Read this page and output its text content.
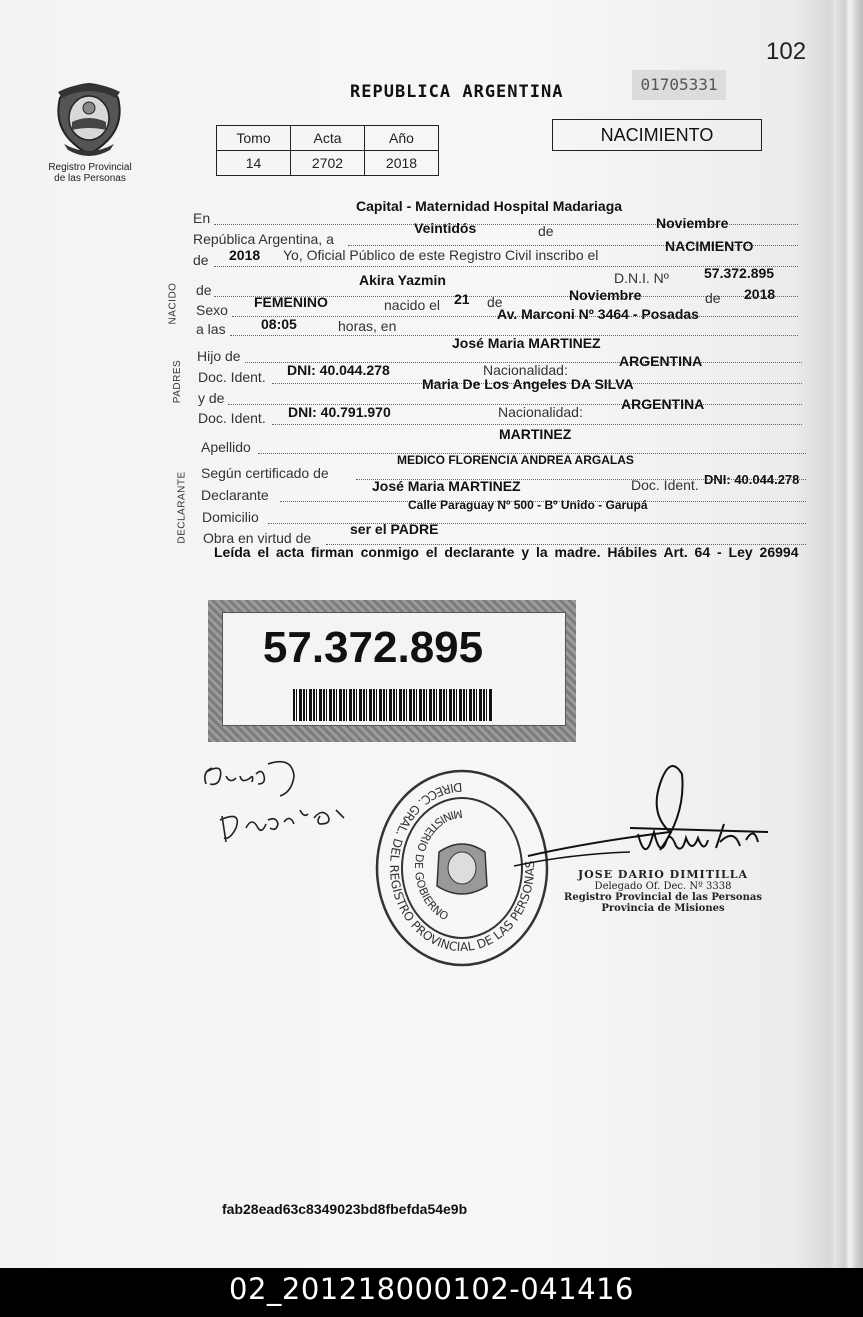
102
01705331
Registro Provincial
de las Personas
REPUBLICA ARGENTINA
Tomo	Acta	Año
14	2702	2018
NACIMIENTO
En
Capital - Maternidad Hospital Madariaga
República Argentina, a
Veintidós	de	Noviembre
de 2018 Yo, Oficial Público de este Registro Civil inscribo el
NACIMIENTO
NACIDO de
Akira Yazmin	D.N.I. Nº	57.372.895
Sexo FEMENINO	nacido el 21 de	Noviembre	de 2018
a las	08:05	horas, en
Av. Marconi Nº 3464 - Posadas
PADRES
Hijo de
José Maria MARTINEZ
Doc. Ident. DNI: 40.044.278	Nacionalidad:
ARGENTINA
y de
Maria De Los Angeles DA SILVA
Doc. Ident. DNI: 40.791.970	Nacionalidad:	ARGENTINA
Apellido
MARTINEZ
DECLARANTE Según certificado de
MEDICO FLORENCIA ANDREA ARGALAS
Declarante
José Maria MARTINEZ	Doc. Ident. DNI: 40.044.278
Domicilio
Calle Paraguay Nº 500 - Bº Unido - Garupá
Obra en virtud de
ser el PADRE
Leída el acta firman conmigo el declarante y la madre. Hábiles Art. 64 - Ley 26994
57.372.895
DIRECC. GRAL. DEL REGISTRO PROVINCIAL DE LAS PERSONAS
MINISTERIO DE GOBIERNO
JOSE DARIO DIMITILLA
Delegado Of. Dec. Nº 3338
Registro Provincial de las Personas
Provincia de Misiones
fab28ead63c8349023bd8fbefda54e9b
02_201218000102-041416
